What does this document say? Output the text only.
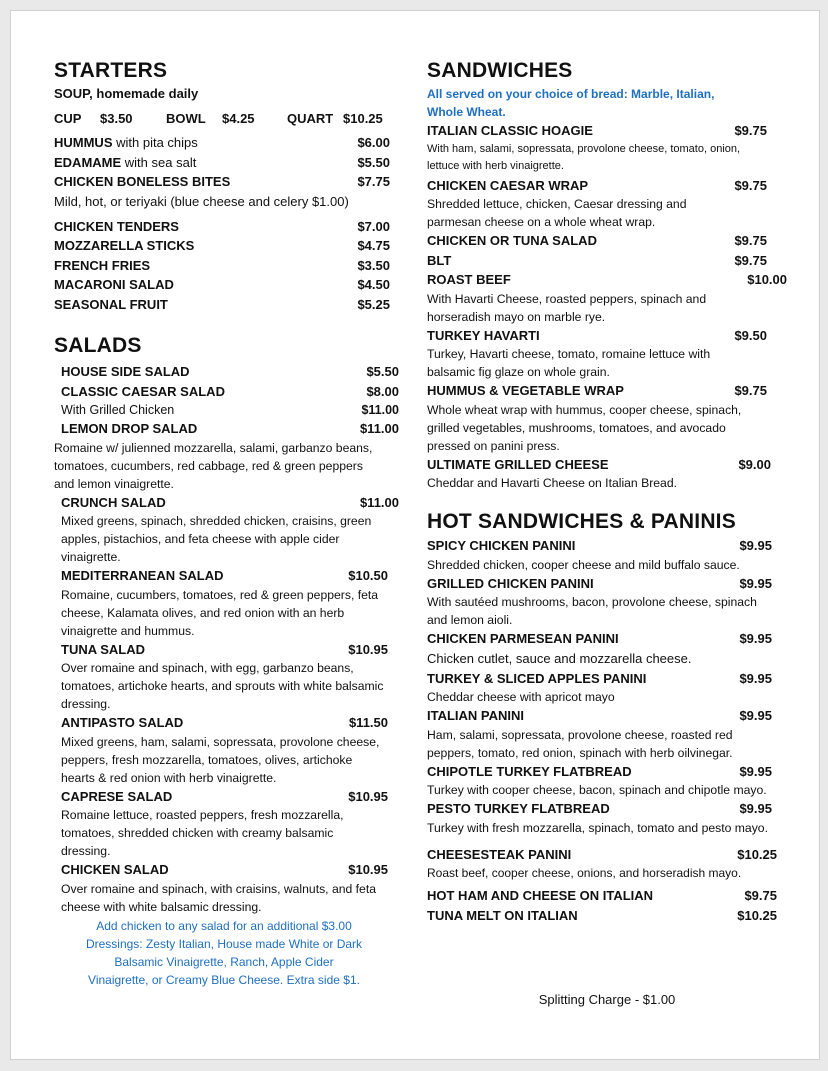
STARTERS
SOUP, homemade daily
CUP	$3.50	BOWL	$4.25	QUART $10.25
HUMMUS with pita chips	$6.00
EDAMAME with sea salt	$5.50
CHICKEN BONELESS BITES	$7.75
Mild, hot, or teriyaki (blue cheese and celery $1.00)
CHICKEN TENDERS	$7.00
MOZZARELLA STICKS	$4.75
FRENCH FRIES	$3.50
MACARONI SALAD	$4.50
SEASONAL FRUIT	$5.25
SALADS
HOUSE SIDE SALAD	$5.50
CLASSIC CAESAR SALAD	$8.00
With Grilled Chicken	$11.00
LEMON DROP SALAD	$11.00
Romaine w/ julienned mozzarella, salami, garbanzo beans, tomatoes, cucumbers, red cabbage, red & green peppers and lemon vinaigrette.
CRUNCH SALAD	$11.00
Mixed greens, spinach, shredded chicken, craisins, green apples, pistachios, and feta cheese with apple cider vinaigrette.
MEDITERRANEAN SALAD	$10.50
Romaine, cucumbers, tomatoes, red & green peppers, feta cheese, Kalamata olives, and red onion with an herb vinaigrette and hummus.
TUNA SALAD	$10.95
Over romaine and spinach, with egg, garbanzo beans, tomatoes, artichoke hearts, and sprouts with white balsamic dressing.
ANTIPASTO SALAD	$11.50
Mixed greens, ham, salami, sopressata, provolone cheese, peppers, fresh mozzarella, tomatoes, olives, artichoke hearts & red onion with herb vinaigrette.
CAPRESE SALAD	$10.95
Romaine lettuce, roasted peppers, fresh mozzarella, tomatoes, shredded chicken with creamy balsamic dressing.
CHICKEN SALAD	$10.95
Over romaine and spinach, with craisins, walnuts, and feta cheese with white balsamic dressing.
Add chicken to any salad for an additional $3.00
Dressings: Zesty Italian, House made White or Dark
Balsamic Vinaigrette, Ranch, Apple Cider
Vinaigrette, or Creamy Blue Cheese. Extra side $1.
SANDWICHES
All served on your choice of bread: Marble, Italian, Whole Wheat.
ITALIAN CLASSIC HOAGIE	$9.75
With ham, salami, sopressata, provolone cheese, tomato, onion, lettuce with herb vinaigrette.
CHICKEN CAESAR WRAP	$9.75
Shredded lettuce, chicken, Caesar dressing and parmesan cheese on a whole wheat wrap.
CHICKEN OR TUNA SALAD	$9.75
BLT	$9.75
ROAST BEEF	$10.00
With Havarti Cheese, roasted peppers, spinach and horseradish mayo on marble rye.
TURKEY HAVARTI	$9.50
Turkey, Havarti cheese, tomato, romaine lettuce with balsamic fig glaze on whole grain.
HUMMUS & VEGETABLE WRAP	$9.75
Whole wheat wrap with hummus, cooper cheese, spinach, grilled vegetables, mushrooms, tomatoes, and avocado pressed on panini press.
ULTIMATE GRILLED CHEESE	$9.00
Cheddar and Havarti Cheese on Italian Bread.
HOT SANDWICHES & PANINIS
SPICY CHICKEN PANINI	$9.95
Shredded chicken, cooper cheese and mild buffalo sauce.
GRILLED CHICKEN PANINI	$9.95
With sautéed mushrooms, bacon, provolone cheese, spinach and lemon aioli.
CHICKEN PARMESEAN PANINI	$9.95
Chicken cutlet, sauce and mozzarella cheese.
TURKEY & SLICED APPLES PANINI	$9.95
Cheddar cheese with apricot mayo
ITALIAN PANINI	$9.95
Ham, salami, sopressata, provolone cheese, roasted red peppers, tomato, red onion, spinach with herb oilvinegar.
CHIPOTLE TURKEY FLATBREAD	$9.95
Turkey with cooper cheese, bacon, spinach and chipotle mayo.
PESTO TURKEY FLATBREAD	$9.95
Turkey with fresh mozzarella, spinach, tomato and pesto mayo.
CHEESESTEAK PANINI	$10.25
Roast beef, cooper cheese, onions, and horseradish mayo.
HOT HAM AND CHEESE ON ITALIAN	$9.75
TUNA MELT ON ITALIAN	$10.25
Splitting Charge - $1.00
